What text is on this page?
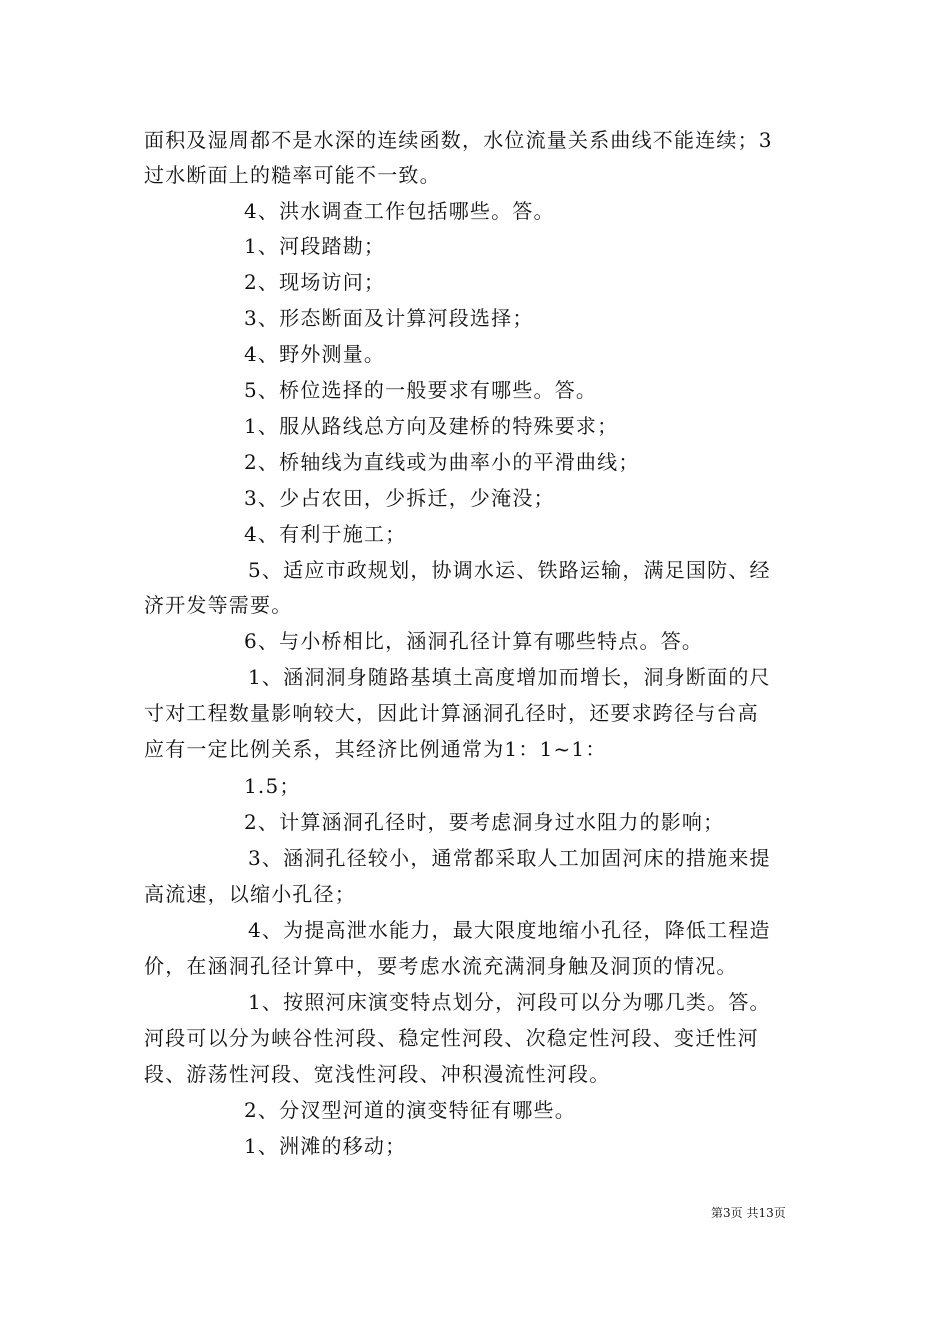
面积及湿周都不是水深的连续函数，水位流量关系曲线不能连续；3
过水断面上的糙率可能不一致。
4、洪水调查工作包括哪些。答。
1、河段踏勘；
2、现场访问；
3、形态断面及计算河段选择；
4、野外测量。
5、桥位选择的一般要求有哪些。答。
1、服从路线总方向及建桥的特殊要求；
2、桥轴线为直线或为曲率小的平滑曲线；
3、少占农田，少拆迁，少淹没；
4、有利于施工；
5、适应市政规划，协调水运、铁路运输，满足国防、经
济开发等需要。
6、与小桥相比，涵洞孔径计算有哪些特点。答。
1、涵洞洞身随路基填土高度增加而增长，洞身断面的尺
寸对工程数量影响较大，因此计算涵洞孔径时，还要求跨径与台高
应有一定比例关系，其经济比例通常为1：1~1：
1.5；
2、计算涵洞孔径时，要考虑洞身过水阻力的影响；
3、涵洞孔径较小，通常都采取人工加固河床的措施来提
高流速，以缩小孔径；
4、为提高泄水能力，最大限度地缩小孔径，降低工程造
价，在涵洞孔径计算中，要考虑水流充满洞身触及洞顶的情况。
1、按照河床演变特点划分，河段可以分为哪几类。答。
河段可以分为峡谷性河段、稳定性河段、次稳定性河段、变迁性河
段、游荡性河段、宽浅性河段、冲积漫流性河段。
2、分汊型河道的演变特征有哪些。
1、洲滩的移动；
第3页 共13页
